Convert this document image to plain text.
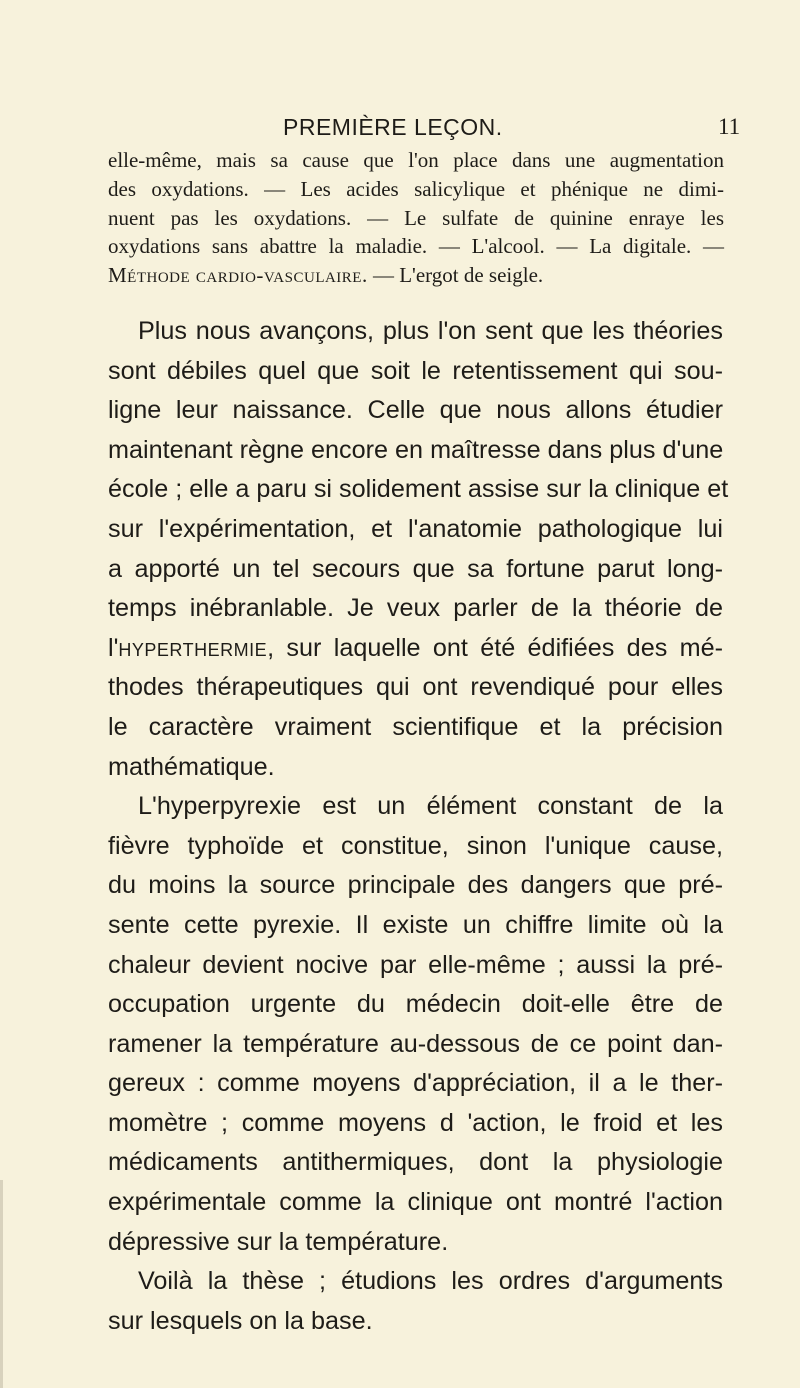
PREMIÈRE LEÇON.	11
elle-même, mais sa cause que l'on place dans une augmentation
des oxydations. — Les acides salicylique et phénique ne dimi-
nuent pas les oxydations. — Le sulfate de quinine enraye les
oxydations sans abattre la maladie. — L'alcool. — La digitale. —
Méthode cardio-vasculaire. — L'ergot de seigle.
Plus nous avançons, plus l'on sent que les théories
sont débiles quel que soit le retentissement qui sou-
ligne leur naissance. Celle que nous allons étudier
maintenant règne encore en maîtresse dans plus d'une
école ; elle a paru si solidement assise sur la clinique et
sur l'expérimentation, et l'anatomie pathologique lui
a apporté un tel secours que sa fortune parut long-
temps inébranlable. Je veux parler de la théorie de
l'hyperthermie, sur laquelle ont été édifiées des mé-
thodes thérapeutiques qui ont revendiqué pour elles
le caractère vraiment scientifique et la précision
mathématique.
L'hyperpyrexie est un élément constant de la
fièvre typhoïde et constitue, sinon l'unique cause,
du moins la source principale des dangers que pré-
sente cette pyrexie. Il existe un chiffre limite où la
chaleur devient nocive par elle-même ; aussi la pré-
occupation urgente du médecin doit-elle être de
ramener la température au-dessous de ce point dan-
gereux : comme moyens d'appréciation, il a le ther-
momètre ; comme moyens d 'action, le froid et les
médicaments antithermiques, dont la physiologie
expérimentale comme la clinique ont montré l'action
dépressive sur la température.
Voilà la thèse ; étudions les ordres d'arguments
sur lesquels on la base.
